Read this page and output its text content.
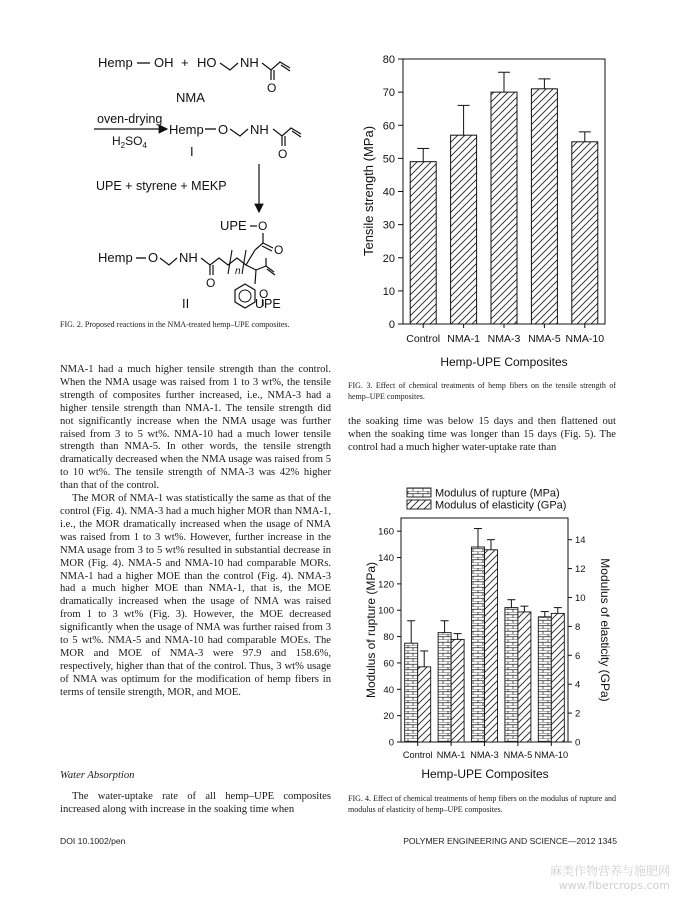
Hemp OH + HO NH
O
NMA
oven-drying
$H_2SO_4$
Hemp O NH
O
I
UPE + styrene + MEKP
UPE O
O
Hemp O NH
O
n
O
UPE
II
FIG. 2. Proposed reactions in the NMA-treated hemp–UPE composites.

NMA-1 had a much higher tensile strength than the control. When the NMA usage was raised from 1 to 3 wt%, the tensile strength of composites further increased, i.e., NMA-3 had a higher tensile strength than NMA-1. The tensile strength did not significantly increase when the NMA usage was further raised from 3 to 5 wt%. NMA-10 had a much lower tensile strength than NMA-5. In other words, the tensile strength dramatically decreased when the NMA usage was raised from 5 to 10 wt%. The tensile strength of NMA-3 was 42% higher than that of the control.

The MOR of NMA-1 was statistically the same as that of the control (Fig. 4). NMA-3 had a much higher MOR than NMA-1, i.e., the MOR dramatically increased when the usage of NMA was raised from 1 to 3 wt%. However, further increase in the NMA usage from 3 to 5 wt% resulted in substantial decrease in MOR (Fig. 4). NMA-5 and NMA-10 had comparable MORs. NMA-1 had a higher MOE than the control (Fig. 4). NMA-3 had a much higher MOE than NMA-1, that is, the MOE dramatically increased when the usage of NMA was raised from 1 to 3 wt% (Fig. 3). However, the MOE decreased significantly when the usage of NMA was further raised from 3 to 5 wt%. NMA-5 and NMA-10 had comparable MOEs. The MOR and MOE of NMA-3 were 97.9 and 158.6%, respectively, higher than that of the control. Thus, 3 wt% usage of NMA was optimum for the modification of hemp fibers in terms of tensile strength, MOR, and MOE.

Water Absorption

The water-uptake rate of all hemp–UPE composites increased along with increase in the soaking time when

0
10
20
30
40
50
60
70
80
Control NMA-1 NMA-3 NMA-5 NMA-10
Hemp-UPE Composites
Tensile strength (MPa)
FIG. 3. Effect of chemical treatments of hemp fibers on the tensile strength of hemp–UPE composites.

the soaking time was below 15 days and then flattened out when the soaking time was longer than 15 days (Fig. 5). The control had a much higher water-uptake rate than

0
20
40
60
80
100
120
140
160
0
2
4
6
8
10
12
14
Control NMA-1 NMA-3 NMA-5 NMA-10
Modulus of rupture (MPa)
Modulus of elasticity (GPa)
Hemp-UPE Composites
Modulus of rupture (MPa)	Modulus of elasticity (GPa)
FIG. 4. Effect of chemical treatments of hemp fibers on the modulus of rupture and modulus of elasticity of hemp–UPE composites.
DOI 10.1002/pen	POLYMER ENGINEERING AND SCIENCE—2012 1345
麻类作物营养与施肥网
www.fibercrops.com
